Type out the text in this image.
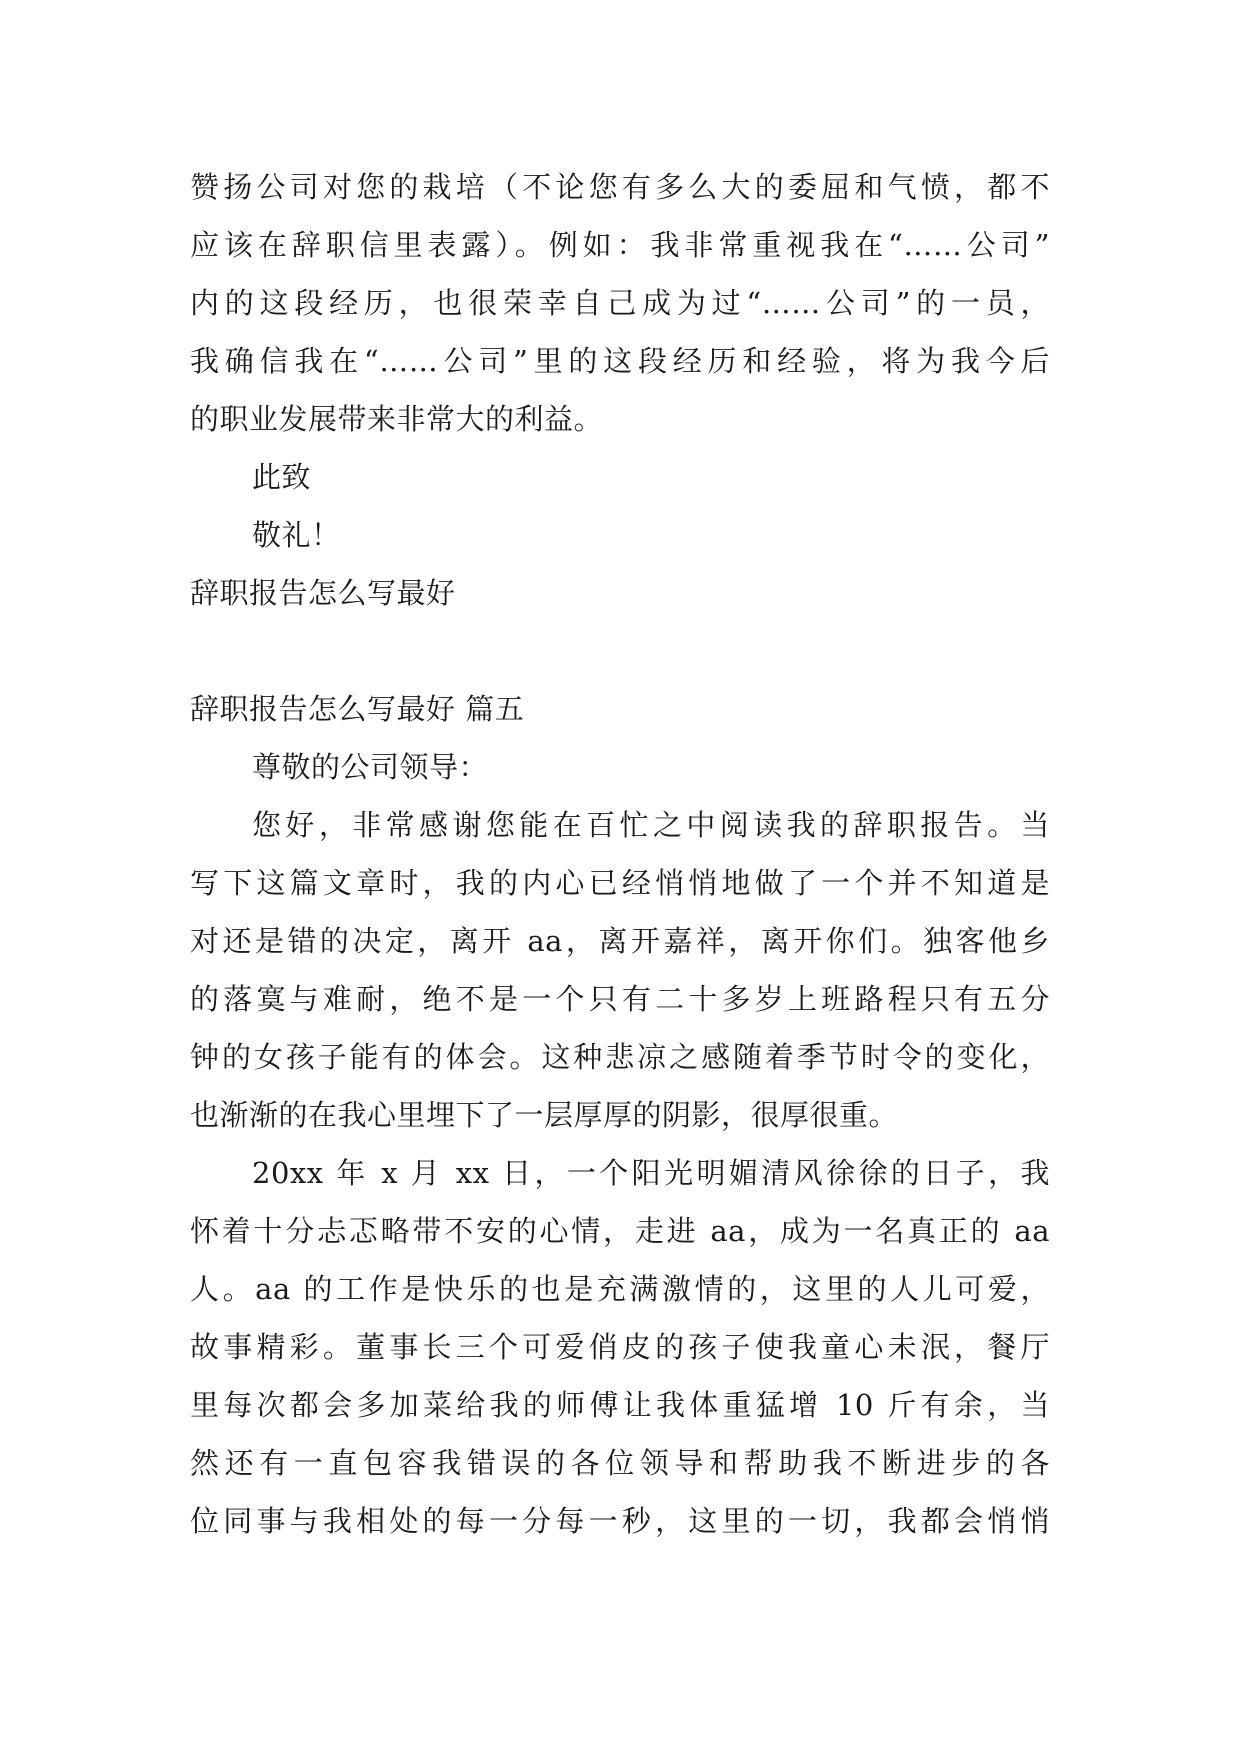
赞扬公司对您的栽培（不论您有多么大的委屈和气愤，都不
应该在辞职信里表露）。例如：我非常重视我在“……公司”
内的这段经历，也很荣幸自己成为过“……公司”的一员，
我确信我在“……公司”里的这段经历和经验，将为我今后
的职业发展带来非常大的利益。
此致
敬礼！
辞职报告怎么写最好
辞职报告怎么写最好 篇五
尊敬的公司领导：
您好，非常感谢您能在百忙之中阅读我的辞职报告。当
写下这篇文章时，我的内心已经悄悄地做了一个并不知道是
对还是错的决定，离开 aa，离开嘉祥，离开你们。独客他乡
的落寞与难耐，绝不是一个只有二十多岁上班路程只有五分
钟的女孩子能有的体会。这种悲凉之感随着季节时令的变化，
也渐渐的在我心里埋下了一层厚厚的阴影，很厚很重。
20xx 年 x 月 xx 日，一个阳光明媚清风徐徐的日子，我
怀着十分忐忑略带不安的心情，走进 aa，成为一名真正的 aa
人。aa 的工作是快乐的也是充满激情的，这里的人儿可爱，
故事精彩。董事长三个可爱俏皮的孩子使我童心未泯，餐厅
里每次都会多加菜给我的师傅让我体重猛增 10 斤有余，当
然还有一直包容我错误的各位领导和帮助我不断进步的各
位同事与我相处的每一分每一秒，这里的一切，我都会悄悄
